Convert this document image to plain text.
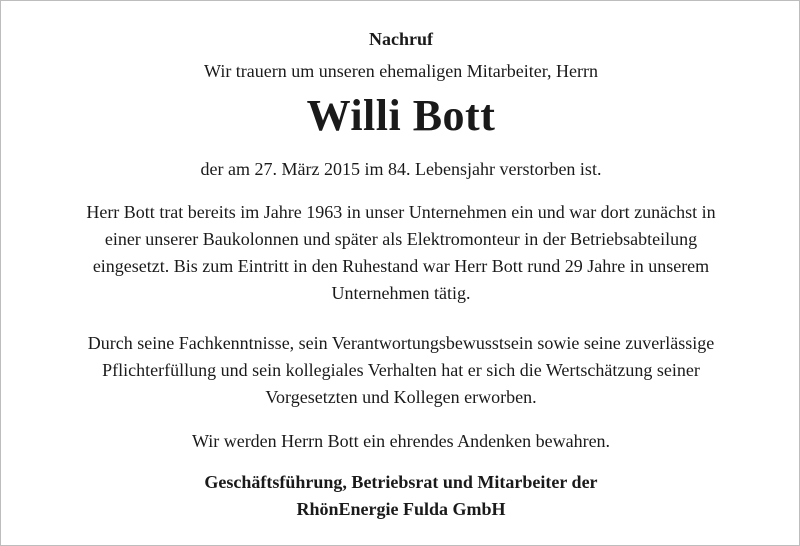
Nachruf
Wir trauern um unseren ehemaligen Mitarbeiter, Herrn
Willi Bott
der am 27. März 2015 im 84. Lebensjahr verstorben ist.
Herr Bott trat bereits im Jahre 1963 in unser Unternehmen ein und war dort zunächst in
einer unserer Baukolonnen und später als Elektromonteur in der Betriebsabteilung
eingesetzt. Bis zum Eintritt in den Ruhestand war Herr Bott rund 29 Jahre in unserem
Unternehmen tätig.
Durch seine Fachkenntnisse, sein Verantwortungsbewusstsein sowie seine zuverlässige
Pflichterfüllung und sein kollegiales Verhalten hat er sich die Wertschätzung seiner
Vorgesetzten und Kollegen erworben.
Wir werden Herrn Bott ein ehrendes Andenken bewahren.
Geschäftsführung, Betriebsrat und Mitarbeiter der
RhönEnergie Fulda GmbH
